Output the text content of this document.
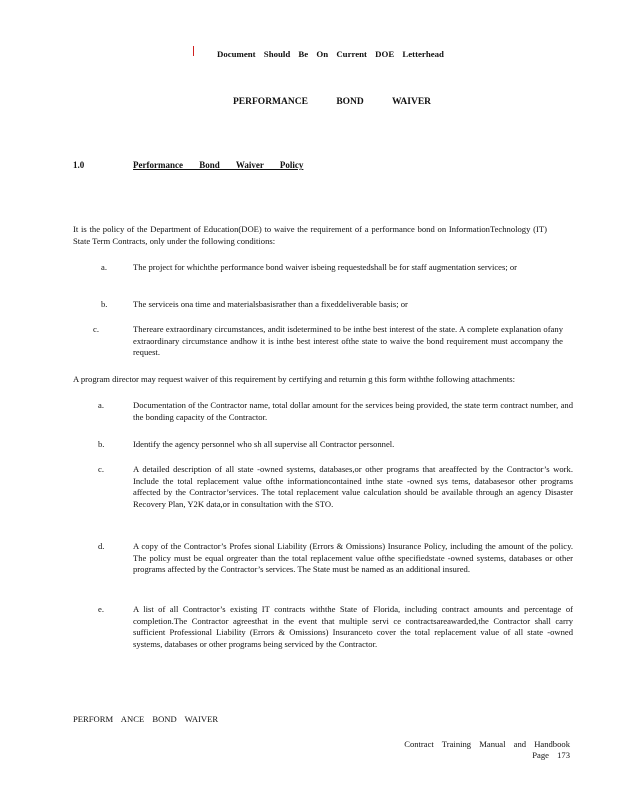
Document Should Be On Current DOE Letterhead
PERFORMANCE BOND WAIVER
1.0	Performance Bond Waiver Policy
It is the policy of the Department of Education(DOE) to waive the requirement of a performance bond on InformationTechnology (IT) State Term Contracts, only under the following conditions:
a.	The project for whichthe performance bond waiver isbeing requestedshall be for staff augmentation services; or
b.	The serviceis ona time and materialsbasisrather than a fixeddeliverable basis; or
c.	Thereare extraordinary circumstances, andit isdetermined to be inthe best interest of the state. A complete explanation ofany extraordinary circumstance andhow it is inthe best interest ofthe state to waive the bond requirement must accompany the request.
A program director may request waiver of this requirement by certifying and returnin g this form withthe following attachments:
a.	Documentation of the Contractor name, total dollar amount for the services being provided, the state term contract number, and the bonding capacity of the Contractor.
b.	Identify the agency personnel who sh all supervise all Contractor personnel.
c.	A detailed description of all state -owned systems, databases,or other programs that areaffected by the Contractor’s work. Include the total replacement value ofthe informationcontained inthe state -owned sys tems, databasesor other programs affected by the Contractor’services. The total replacement value calculation should be available through an agency Disaster Recovery Plan, Y2K data,or in consultation with the STO.
d.	A copy of the Contractor’s Profes sional Liability (Errors & Omissions) Insurance Policy, including the amount of the policy. The policy must be equal orgreater than the total replacement value ofthe specifiedstate -owned systems, databases or other programs affected by the Contractor’s services. The State must be named as an additional insured.
e.	A list of all Contractor’s existing IT contracts withthe State of Florida, including contract amounts and percentage of completion.The Contractor agreesthat in the event that multiple servi ce contractsareawarded,the Contractor shall carry sufficient Professional Liability (Errors & Omissions) Insuranceto cover the total replacement value of all state -owned systems, databases or other programs being serviced by the Contractor.
PERFORM ANCE BOND WAIVER
Contract Training Manual and Handbook
Page 173
